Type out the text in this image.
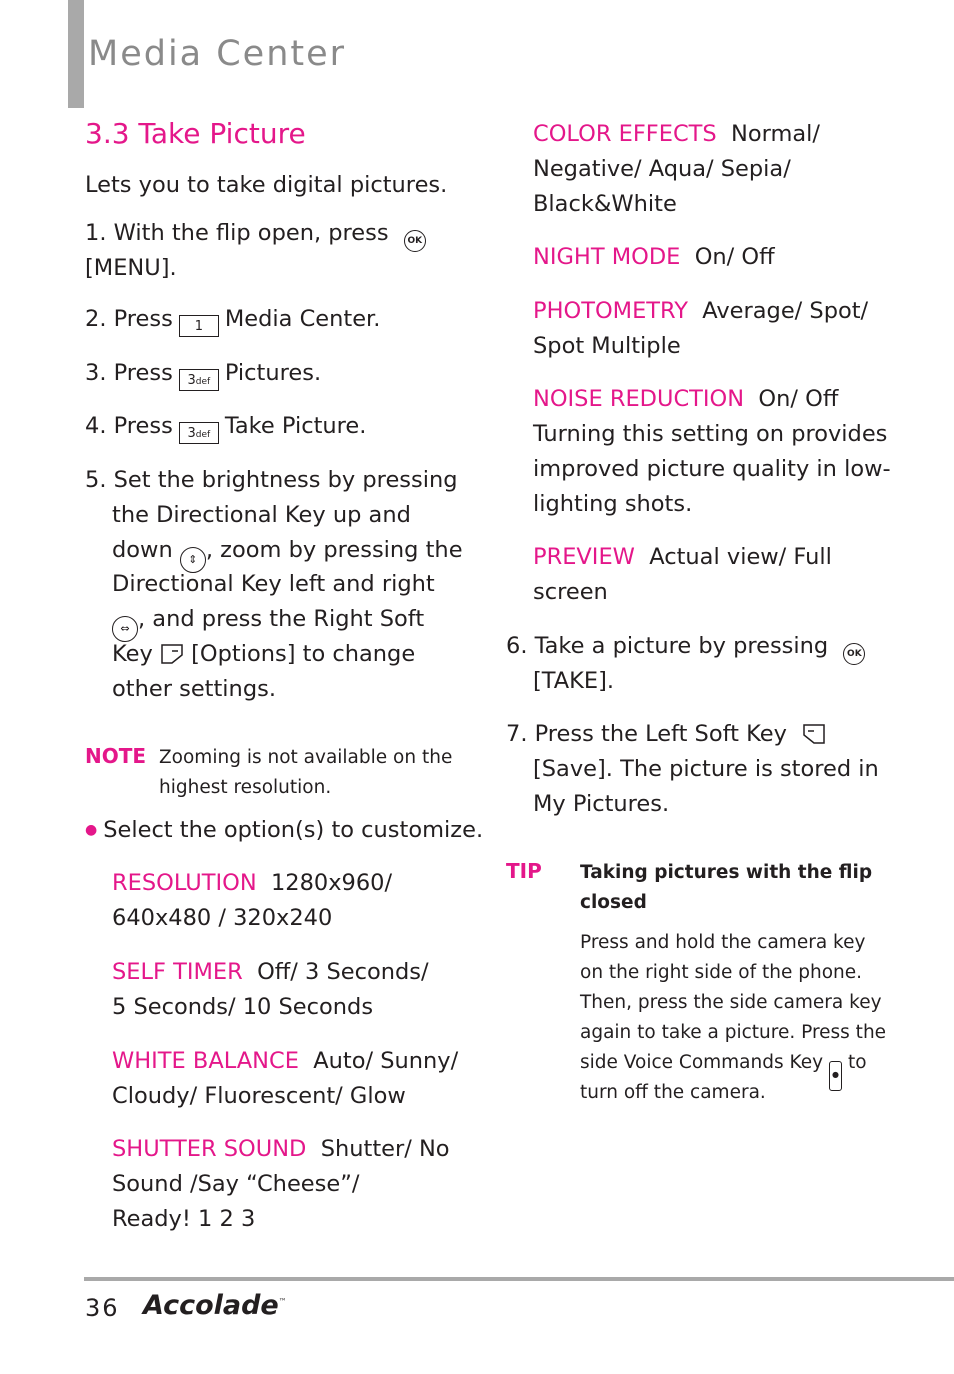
Media Center
3.3 Take Picture
Lets you to take digital pictures.
1. With the flip open, press OK
[MENU].
2. Press 1 Media Center.
3. Press 3def Pictures.
4. Press 3def Take Picture.
5. Set the brightness by pressing
the Directional Key up and
down ⇕ , zoom by pressing the
Directional Key left and right
⇔ , and press the Right Soft
Key [Options] to change
other settings.
NOTE Zooming is not available on the
highest resolution.
● Select the option(s) to customize.
RESOLUTION 1280x960/
640x480 / 320x240
SELF TIMER Off/ 3 Seconds/
5 Seconds/ 10 Seconds
WHITE BALANCE Auto/ Sunny/
Cloudy/ Fluorescent/ Glow
SHUTTER SOUND Shutter/ No
Sound /Say “Cheese”/
Ready! 1 2 3
COLOR EFFECTS Normal/
Negative/ Aqua/ Sepia/
Black&White
NIGHT MODE On/ Off
PHOTOMETRY Average/ Spot/
Spot Multiple
NOISE REDUCTION On/ Off
Turning this setting on provides
improved picture quality in low-
lighting shots.
PREVIEW Actual view/ Full
screen
6. Take a picture by pressing OK
[TAKE].
7. Press the Left Soft Key
[Save]. The picture is stored in
My Pictures.
TIP Taking pictures with the flip
closed
Press and hold the camera key
on the right side of the phone.
Then, press the side camera key
again to take a picture. Press the
side Voice Commands Key●to
turn off the camera.
36 Accolade™
